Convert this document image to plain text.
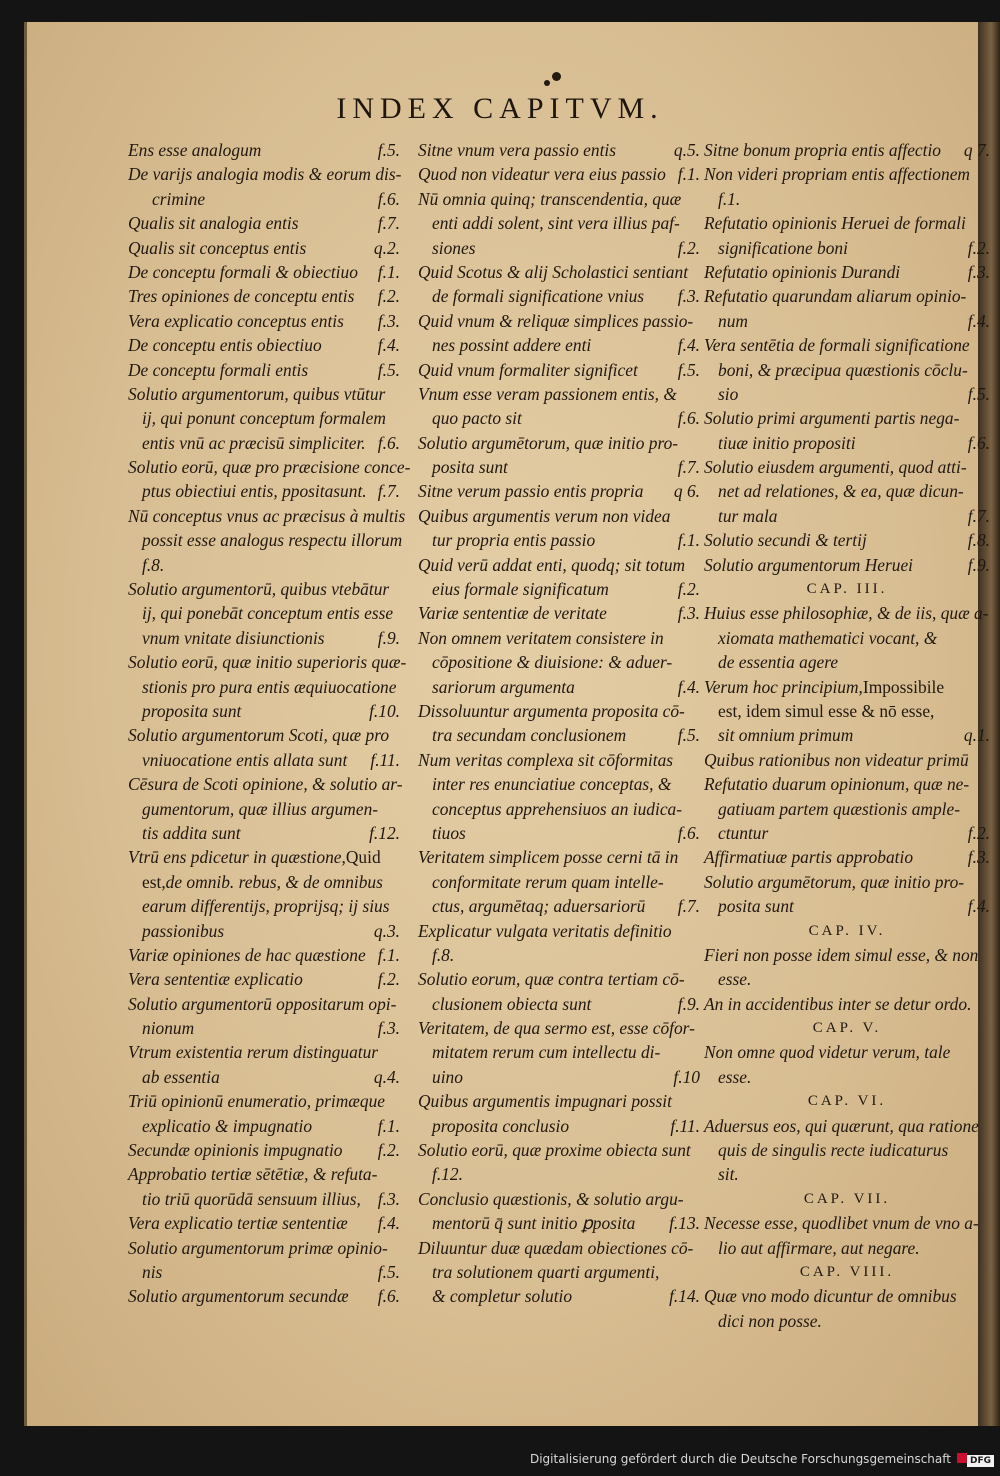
INDEX CAPITVM.
Ens esse analogum	f.5.
De varijs analogia modis & eorum dis-
crimine	f.6.
Qualis sit analogia entis	f.7.
Qualis sit conceptus entis	q.2.
De conceptu formali & obiectiuo	f.1.
Tres opiniones de conceptu entis	f.2.
Vera explicatio conceptus entis	f.3.
De conceptu entis obiectiuo	f.4.
De conceptu formali entis	f.5.
Solutio argumentorum, quibus vtūtur
ij, qui ponunt conceptum formalem
entis vnū ac præcisū simpliciter. f.6.
Solutio eorū, quæ pro præcisione conce-
ptus obiectiui entis, ppositasunt. f.7.
Nū conceptus vnus ac præcisus à multis
possit esse analogus respectu illorum
f.8.
Solutio argumentorū, quibus vtebātur
ij, qui ponebāt conceptum entis esse
vnum vnitate disiunctionis	f.9.
Solutio eorū, quæ initio superioris quæ-
stionis pro pura entis æquiuocatione
proposita sunt	f.10.
Solutio argumentorum Scoti, quæ pro
vniuocatione entis allata sunt	f.11.
Cēsura de Scoti opinione, & solutio ar-
gumentorum, quæ illius argumen-
tis addita sunt	f.12.
Vtrū ens pdicetur in quæstione,Quid
est,de omnib. rebus, & de omnibus
earum differentijs, proprijsq; ij sius
passionibus	q.3.
Variæ opiniones de hac quæstione f.1.
Vera sententiæ explicatio	f.2.
Solutio argumentorū oppositarum opi-
nionum	f.3.
Vtrum existentia rerum distinguatur
ab essentia	q.4.
Triū opinionū enumeratio, primæque
explicatio & impugnatio	f.1.
Secundæ opinionis impugnatio	f.2.
Approbatio tertiæ sētētiæ, & refuta-
tio triū quorūdā sensuum illius, f.3.
Vera explicatio tertiæ sententiæ	f.4.
Solutio argumentorum primæ opinio-
nis	f.5.
Solutio argumentorum secundæ	f.6.
Sitne vnum vera passio entis	q.5.
Quod non videatur vera eius passio f.1.
Nū omnia quinq; transcendentia, quæ
enti addi solent, sint vera illius paf-
siones	f.2.
Quid Scotus & alij Scholastici sentiant
de formali significatione vnius	f.3.
Quid vnum & reliquæ simplices passio-
nes possint addere enti	f.4.
Quid vnum formaliter significet	f.5.
Vnum esse veram passionem entis, &
quo pacto sit	f.6.
Solutio argumētorum, quæ initio pro-
posita sunt	f.7.
Sitne verum passio entis propria	q 6.
Quibus argumentis verum non videa
tur propria entis passio	f.1.
Quid verū addat enti, quodq; sit totum
eius formale significatum	f.2.
Variæ sententiæ de veritate	f.3.
Non omnem veritatem consistere in
cōpositione & diuisione: & aduer-
sariorum argumenta	f.4.
Dissoluuntur argumenta proposita cō-
tra secundam conclusionem	f.5.
Num veritas complexa sit cōformitas
inter res enunciatiue conceptas, &
conceptus apprehensiuos an iudica-
tiuos	f.6.
Veritatem simplicem posse cerni tā in
conformitate rerum quam intelle-
ctus, argumētaq; aduersariorū	f.7.
Explicatur vulgata veritatis definitio
f.8.
Solutio eorum, quæ contra tertiam cō-
clusionem obiecta sunt	f.9.
Veritatem, de qua sermo est, esse cōfor-
mitatem rerum cum intellectu di-
uino	f.10
Quibus argumentis impugnari possit
proposita conclusio	f.11.
Solutio eorū, quæ proxime obiecta sunt
f.12.
Conclusio quæstionis, & solutio argu-
mentorū q̄ sunt initio ꝑposita	f.13.
Diluuntur duæ quædam obiectiones cō-
tra solutionem quarti argumenti,
& completur solutio	f.14.
Sitne bonum propria entis affectio	q 7.
Non videri propriam entis affectionem
f.1.
Refutatio opinionis Heruei de formali
significatione boni	f.2.
Refutatio opinionis Durandi	f.3.
Refutatio quarundam aliarum opinio-
num	f.4.
Vera sentētia de formali significatione
boni, & præcipua quæstionis cōclu-
sio	f.5.
Solutio primi argumenti partis nega-
tiuæ initio propositi	f.6.
Solutio eiusdem argumenti, quod atti-
net ad relationes, & ea, quæ dicun-
tur mala	f.7.
Solutio secundi & tertij	f.8.
Solutio argumentorum Heruei	f.9.
CAP. III.
Huius esse philosophiæ, & de iis, quæ a-
xiomata mathematici vocant, &
de essentia agere
Verum hoc principium,Impossibile
est, idem simul esse & nō esse,
sit omnium primum	q.1.
Quibus rationibus non videatur primū
Refutatio duarum opinionum, quæ ne-
gatiuam partem quæstionis ample-
ctuntur	f.2.
Affirmatiuæ partis approbatio	f.3.
Solutio argumētorum, quæ initio pro-
posita sunt	f.4.
CAP. IV.
Fieri non posse idem simul esse, & non
esse.
An in accidentibus inter se detur ordo.
CAP. V.
Non omne quod videtur verum, tale
esse.
CAP. VI.
Aduersus eos, qui quærunt, qua ratione
quis de singulis recte iudicaturus
sit.
CAP. VII.
Necesse esse, quodlibet vnum de vno a-
lio aut affirmare, aut negare.
CAP. VIII.
Quæ vno modo dicuntur de omnibus
dici non posse.
Digitalisierung gefördert durch die Deutsche Forschungsgemeinschaft	DFG
